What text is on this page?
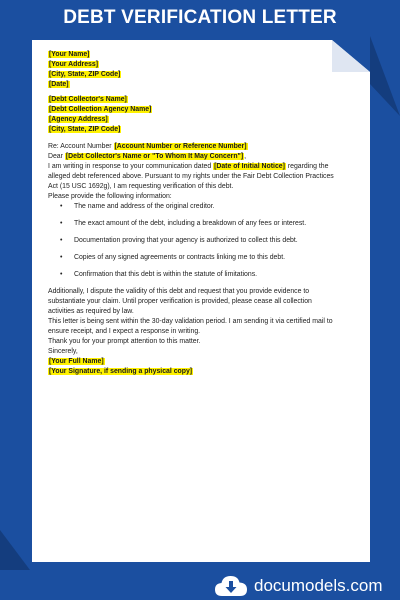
DEBT VERIFICATION LETTER
[Your Name]
[Your Address]
[City, State, ZIP Code]
[Date]
[Debt Collector's Name]
[Debt Collection Agency Name]
[Agency Address]
[City, State, ZIP Code]

Re: Account Number [Account Number or Reference Number]

Dear [Debt Collector's Name or "To Whom It May Concern"],

I am writing in response to your communication dated [Date of Initial Notice] regarding the
alleged debt referenced above. Pursuant to my rights under the Fair Debt Collection Practices
Act (15 USC 1692g), I am requesting verification of this debt.

Please provide the following information:

• The name and address of the original creditor.
• The exact amount of the debt, including a breakdown of any fees or interest.
• Documentation proving that your agency is authorized to collect this debt.
• Copies of any signed agreements or contracts linking me to this debt.
• Confirmation that this debt is within the statute of limitations.

Additionally, I dispute the validity of this debt and request that you provide evidence to
substantiate your claim. Until proper verification is provided, please cease all collection
activities as required by law.

This letter is being sent within the 30-day validation period. I am sending it via certified mail to
ensure receipt, and I expect a response in writing.

Thank you for your prompt attention to this matter.

Sincerely,
[Your Full Name]
[Your Signature, if sending a physical copy]
documodels.com
